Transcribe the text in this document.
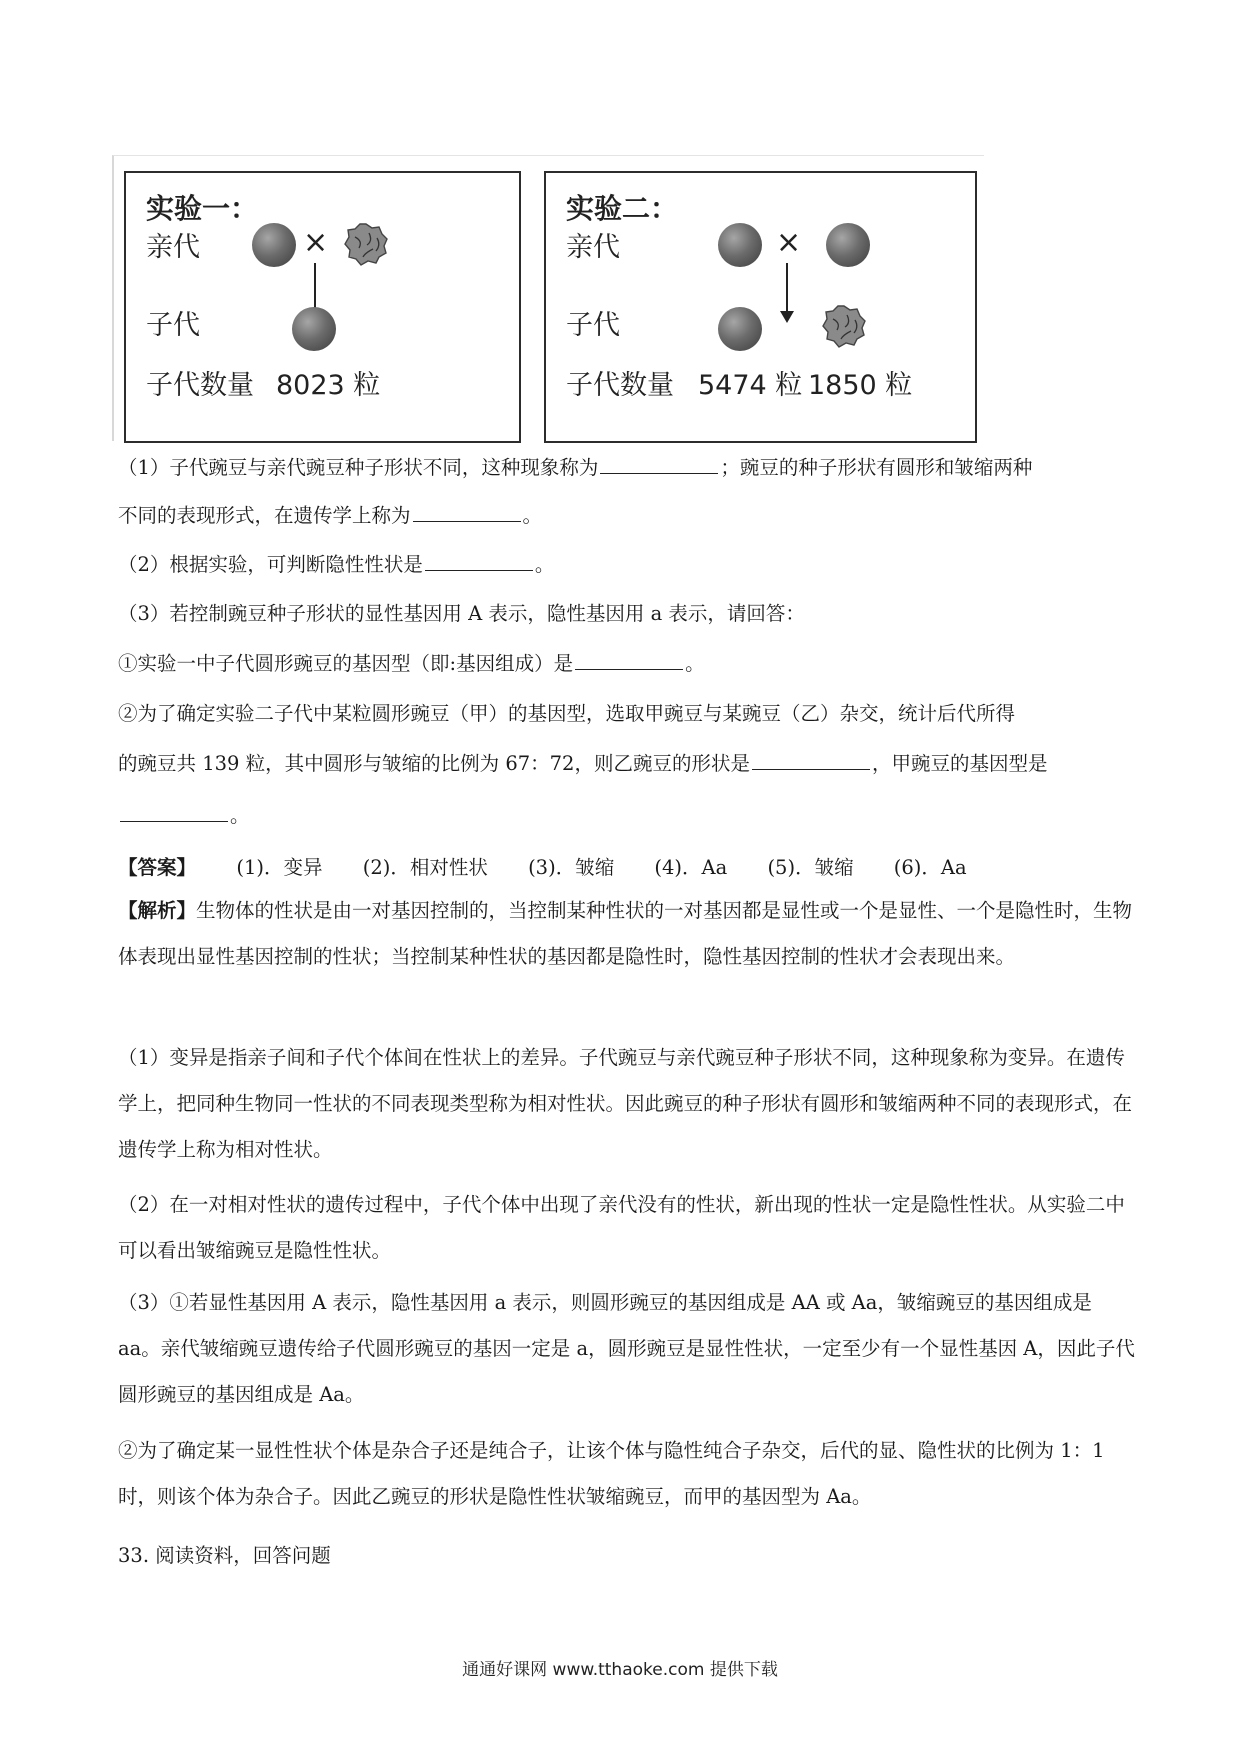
实验一：
亲代	×
子代
子代数量 8023 粒
实验二：
亲代	×
子代
子代数量 5474 粒 1850 粒
（1）子代豌豆与亲代豌豆种子形状不同，这种现象称为	；豌豆的种子形状有圆形和皱缩两种
不同的表现形式，在遗传学上称为	。
（2）根据实验，可判断隐性性状是	。
（3）若控制豌豆种子形状的显性基因用 A 表示，隐性基因用 a 表示，请回答：
①实验一中子代圆形豌豆的基因型（即:基因组成）是	。
②为了确定实验二子代中某粒圆形豌豆（甲）的基因型，选取甲豌豆与某豌豆（乙）杂交，统计后代所得
的豌豆共 139 粒，其中圆形与皱缩的比例为 67：72，则乙豌豆的形状是	，甲豌豆的基因型是
。
【答案】 (1)．变异 (2)．相对性状 (3)．皱缩 (4)．Aa (5)．皱缩 (6)．Aa
【解析】生物体的性状是由一对基因控制的，当控制某种性状的一对基因都是显性或一个是显性、一个是隐性时，生物体表现出显性基因控制的性状；当控制某种性状的基因都是隐性时，隐性基因控制的性状才会表现出来。
（1）变异是指亲子间和子代个体间在性状上的差异。子代豌豆与亲代豌豆种子形状不同，这种现象称为变异。在遗传学上，把同种生物同一性状的不同表现类型称为相对性状。因此豌豆的种子形状有圆形和皱缩两种不同的表现形式，在遗传学上称为相对性状。
（2）在一对相对性状的遗传过程中，子代个体中出现了亲代没有的性状，新出现的性状一定是隐性性状。从实验二中可以看出皱缩豌豆是隐性性状。
（3）①若显性基因用 A 表示，隐性基因用 a 表示，则圆形豌豆的基因组成是 AA 或 Aa，皱缩豌豆的基因组成是 aa。亲代皱缩豌豆遗传给子代圆形豌豆的基因一定是 a，圆形豌豆是显性性状，一定至少有一个显性基因 A，因此子代圆形豌豆的基因组成是 Aa。
②为了确定某一显性性状个体是杂合子还是纯合子，让该个体与隐性纯合子杂交，后代的显、隐性状的比例为 1：1 时，则该个体为杂合子。因此乙豌豆的形状是隐性性状皱缩豌豆，而甲的基因型为 Aa。
33. 阅读资料，回答问题
通通好课网 www.tthaoke.com 提供下载
